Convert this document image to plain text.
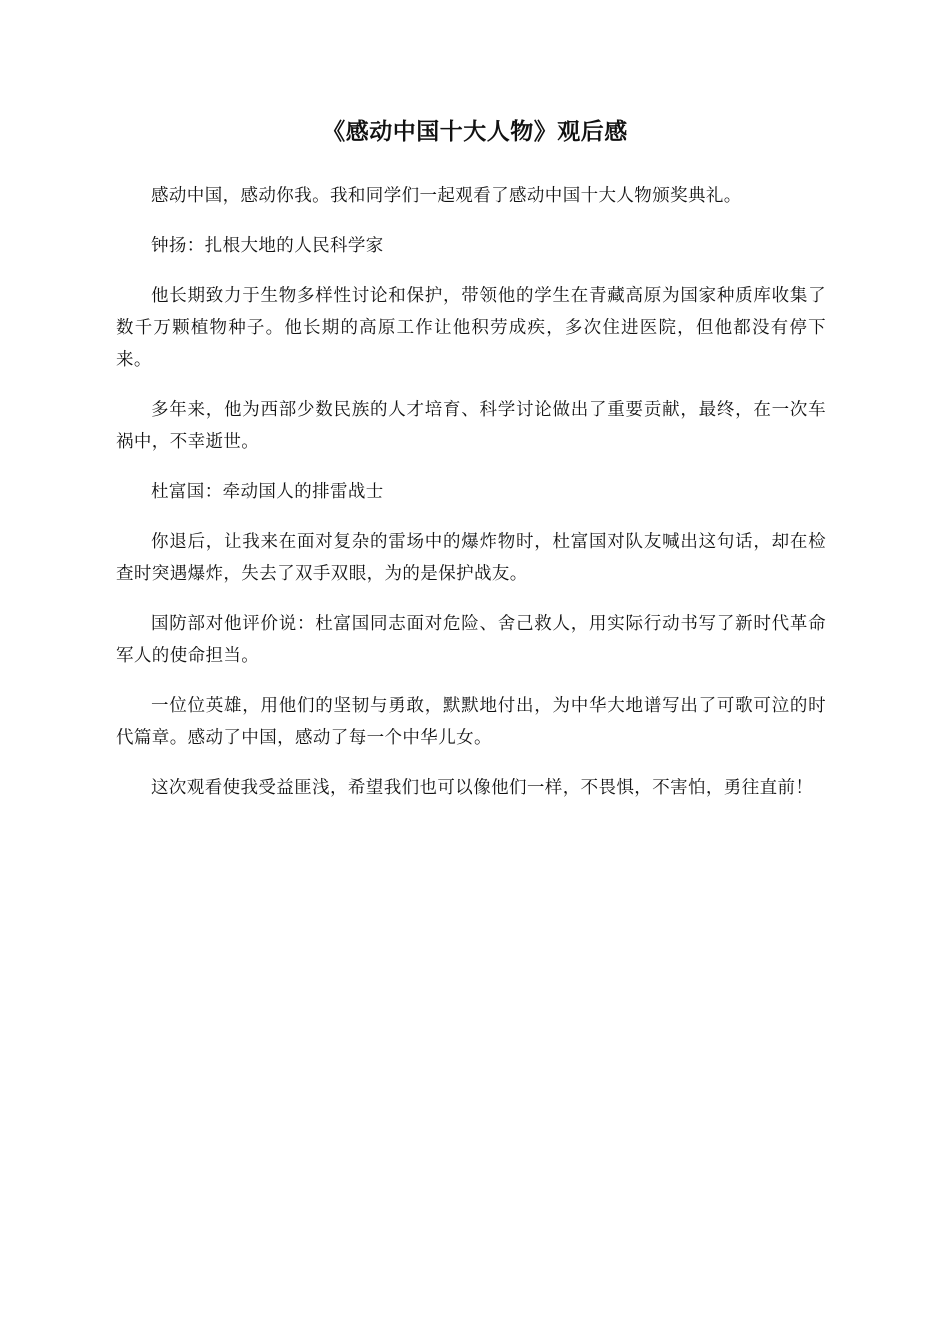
《感动中国十大人物》观后感

感动中国，感动你我。我和同学们一起观看了感动中国十大人物颁奖典礼。

钟扬：扎根大地的人民科学家

他长期致力于生物多样性讨论和保护，带领他的学生在青藏高原为国家种质库收集了数千万颗植物种子。他长期的高原工作让他积劳成疾，多次住进医院，但他都没有停下来。

多年来，他为西部少数民族的人才培育、科学讨论做出了重要贡献，最终，在一次车祸中，不幸逝世。

杜富国：牵动国人的排雷战士

你退后，让我来在面对复杂的雷场中的爆炸物时，杜富国对队友喊出这句话，却在检查时突遇爆炸，失去了双手双眼，为的是保护战友。

国防部对他评价说：杜富国同志面对危险、舍己救人，用实际行动书写了新时代革命军人的使命担当。

一位位英雄，用他们的坚韧与勇敢，默默地付出，为中华大地谱写出了可歌可泣的时代篇章。感动了中国，感动了每一个中华儿女。

这次观看使我受益匪浅，希望我们也可以像他们一样，不畏惧，不害怕，勇往直前！
